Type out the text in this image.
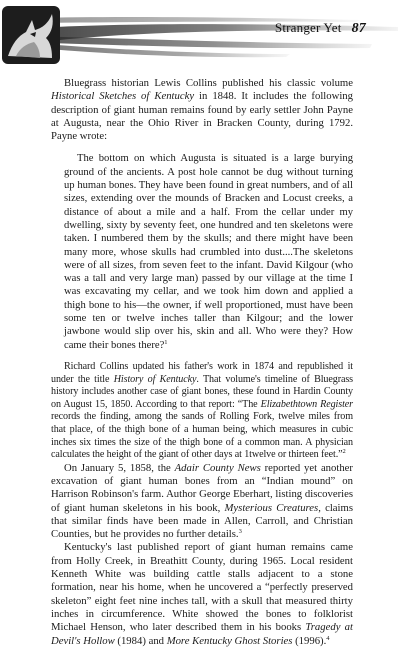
Stranger Yet 87

Bluegrass historian Lewis Collins published his classic volume Historical Sketches of Kentucky in 1848. It includes the following description of giant human remains found by early settler John Payne at Augusta, near the Ohio River in Bracken County, during 1792. Payne wrote:

The bottom on which Augusta is situated is a large burying ground of the ancients. A post hole cannot be dug without turning up human bones. They have been found in great numbers, and of all sizes, extending over the mounds of Bracken and Locust creeks, a distance of about a mile and a half. From the cellar under my dwelling, sixty by seventy feet, one hundred and ten skeletons were taken. I numbered them by the skulls; and there might have been many more, whose skulls had crumbled into dust....The skeletons were of all sizes, from seven feet to the infant. David Kilgour (who was a tall and very large man) passed by our village at the time I was excavating my cellar, and we took him down and applied a thigh bone to his—the owner, if well proportioned, must have been some ten or twelve inches taller than Kilgour; and the lower jawbone would slip over his, skin and all. Who were they? How came their bones there?$^1$

Richard Collins updated his father's work in 1874 and republished it under the title History of Kentucky. That volume's timeline of Bluegrass history includes another case of giant bones, these found in Hardin County on August 15, 1850. According to that report: “The Elizabethtown Register records the finding, among the sands of Rolling Fork, twelve miles from that place, of the thigh bone of a human being, which measures in cubic inches six times the size of the thigh bone of a common man. A physician calculates the height of the giant of other days at 1twelve or thirteen feet.”$^2$

On January 5, 1858, the Adair County News reported yet another excavation of giant human bones from an “Indian mound” on Harrison Robinson's farm. Author George Eberhart, listing discoveries of giant human skeletons in his book, Mysterious Creatures, claims that similar finds have been made in Allen, Carroll, and Christian Counties, but he provides no further details.$^3$

Kentucky's last published report of giant human remains came from Holly Creek, in Breathitt County, during 1965. Local resident Kenneth White was building cattle stalls adjacent to a stone formation, near his home, when he uncovered a “perfectly preserved skeleton” eight feet nine inches tall, with a skull that measured thirty inches in circumference. White showed the bones to folklorist Michael Henson, who later described them in his books Tragedy at Devil's Hollow (1984) and More Kentucky Ghost Stories (1996).$^4$
